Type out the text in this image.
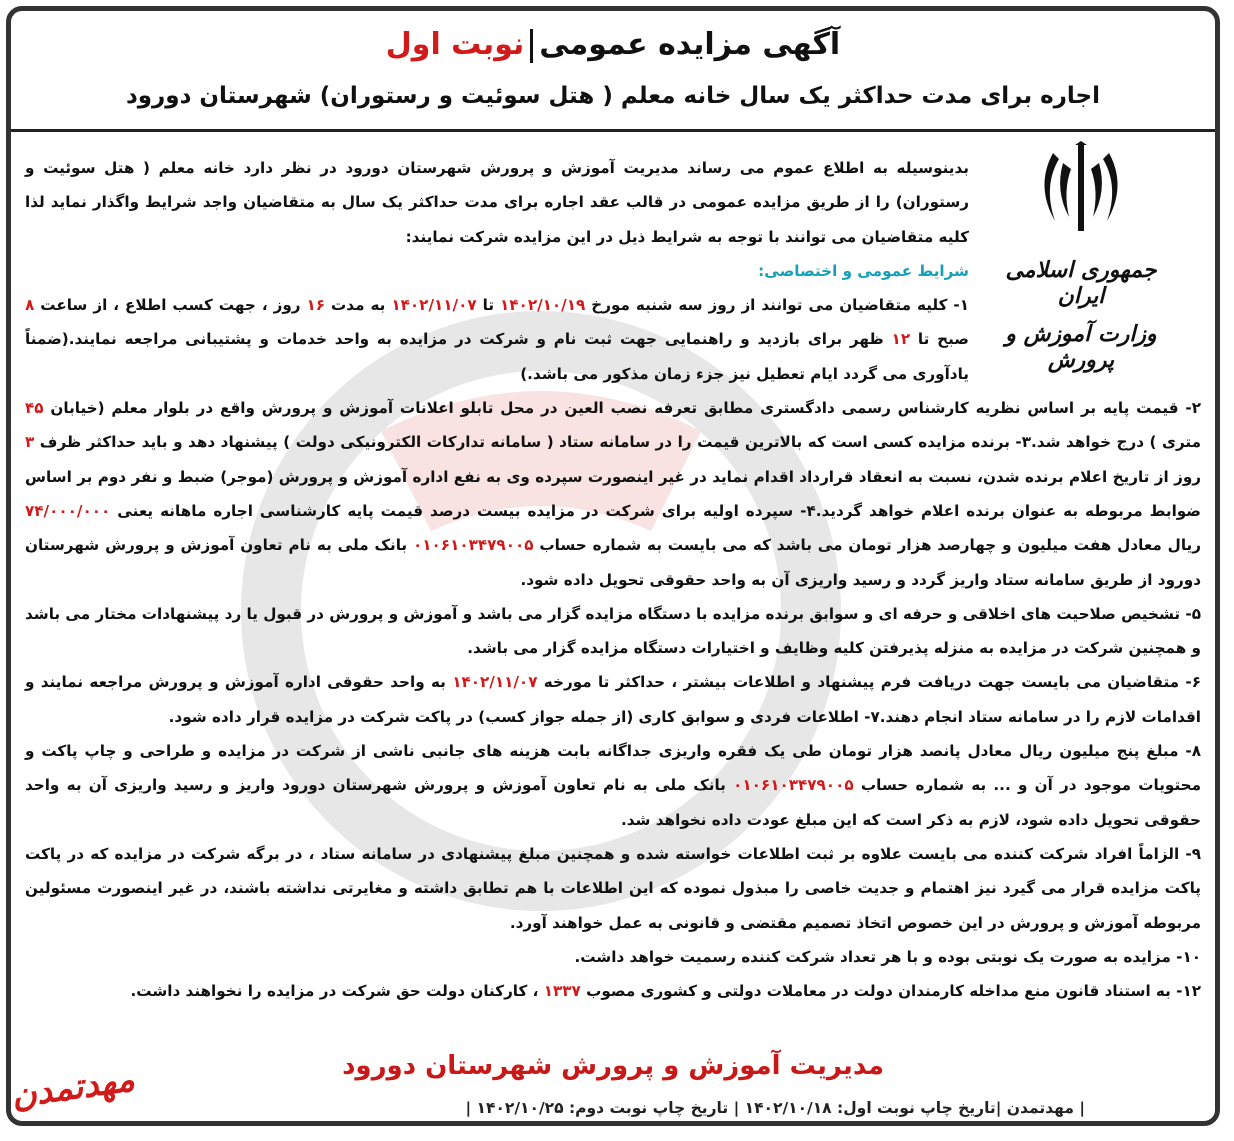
آگهی مزایده عمومینوبت اول
اجاره برای مدت حداکثر یک سال خانه معلم ( هتل سوئیت و رستوران) شهرستان دورود
جمهوری اسلامی ایران
وزارت آموزش و پرورش

بدینوسیله به اطلاع عموم می رساند مدیریت آموزش و پرورش شهرستان دورود در نظر دارد خانه معلم ( هتل سوئیت و رستوران) را از طریق مزایده عمومی در قالب عقد اجاره برای مدت حداکثر یک سال به متقاضیان واجد شرایط واگذار نماید لذا کلیه متقاضیان می توانند با توجه به شرایط ذیل در این مزایده شرکت نمایند:

شرایط عمومی و اختصاصی:
۱- کلیه متقاضیان می توانند از روز سه شنبه مورخ ۱۴۰۲/۱۰/۱۹ تا ۱۴۰۲/۱۱/۰۷ به مدت ۱۶ روز ، جهت کسب اطلاع ، از ساعت ۸ صبح تا ۱۲ ظهر برای بازدید و راهنمایی جهت ثبت نام و شرکت در مزایده به واحد خدمات و پشتیبانی مراجعه نمایند.(ضمناً یادآوری می گردد ایام تعطیل نیز جزء زمان مذکور می باشد.)
۲- قیمت پایه بر اساس نظریه کارشناس رسمی دادگستری مطابق تعرفه نصب العین در محل تابلو اعلانات آموزش و پرورش واقع در بلوار معلم (خیابان ۴۵ متری ) درج خواهد شد.۳- برنده مزایده کسی است که بالاترین قیمت را در سامانه ستاد ( سامانه تدارکات الکترونیکی دولت ) پیشنهاد دهد و باید حداکثر ظرف ۳ روز از تاریخ اعلام برنده شدن، نسبت به انعقاد قرارداد اقدام نماید در غیر اینصورت سپرده وی به نفع اداره آموزش و پرورش (موجر) ضبط و نفر دوم بر اساس ضوابط مربوطه به عنوان برنده اعلام خواهد گردید.۴- سپرده اولیه برای شرکت در مزایده بیست درصد قیمت پایه کارشناسی اجاره ماهانه یعنی ۷۴/۰۰۰/۰۰۰ ریال معادل هفت میلیون و چهارصد هزار تومان می باشد که می بایست به شماره حساب ۰۱۰۶۱۰۳۴۷۹۰۰۵ بانک ملی به نام تعاون آموزش و پرورش شهرستان دورود از طریق سامانه ستاد واریز گردد و رسید واریزی آن به واحد حقوقی تحویل داده شود.
۵- تشخیص صلاحیت های اخلاقی و حرفه ای و سوابق برنده مزایده با دستگاه مزایده گزار می باشد و آموزش و پرورش در قبول یا رد پیشنهادات مختار می باشد و همچنین شرکت در مزایده به منزله پذیرفتن کلیه وظایف و اختیارات دستگاه مزایده گزار می باشد.
۶- متقاضیان می بایست جهت دریافت فرم پیشنهاد و اطلاعات بیشتر ، حداکثر تا مورخه ۱۴۰۲/۱۱/۰۷ به واحد حقوقی اداره آموزش و پرورش مراجعه نمایند و اقدامات لازم را در سامانه ستاد انجام دهند.۷- اطلاعات فردی و سوابق کاری (از جمله جواز کسب) در پاکت شرکت در مزایده قرار داده شود.
۸- مبلغ پنج میلیون ریال معادل پانصد هزار تومان طی یک فقره واریزی جداگانه بابت هزینه های جانبی ناشی از شرکت در مزایده و طراحی و چاپ پاکت و محتویات موجود در آن و ... به شماره حساب ۰۱۰۶۱۰۳۴۷۹۰۰۵ بانک ملی به نام تعاون آموزش و پرورش شهرستان دورود واریز و رسید واریزی آن به واحد حقوقی تحویل داده شود، لازم به ذکر است که این مبلغ عودت داده نخواهد شد.
۹- الزاماً افراد شرکت کننده می بایست علاوه بر ثبت اطلاعات خواسته شده و همچنین مبلغ پیشنهادی در سامانه ستاد ، در برگه شرکت در مزایده که در پاکت پاکت مزایده قرار می گیرد نیز اهتمام و جدیت خاصی را مبذول نموده که این اطلاعات با هم تطابق داشته و مغایرتی نداشته باشند، در غیر اینصورت مسئولین مربوطه آموزش و پرورش در این خصوص اتخاذ تصمیم مقتضی و قانونی به عمل خواهند آورد.
۱۰- مزایده به صورت یک نوبتی بوده و با هر تعداد شرکت کننده رسمیت خواهد داشت.
۱۲- به استناد قانون منع مداخله کارمندان دولت در معاملات دولتی و کشوری مصوب ۱۳۳۷ ، کارکنان دولت حق شرکت در مزایده را نخواهند داشت.
مدیریت آموزش و پرورش شهرستان دورود
| مهدتمدن |تاریخ چاپ نوبت اول: ۱۴۰۲/۱۰/۱۸ | تاریخ چاپ نوبت دوم: ۱۴۰۲/۱۰/۲۵ |
مهدتمدن
